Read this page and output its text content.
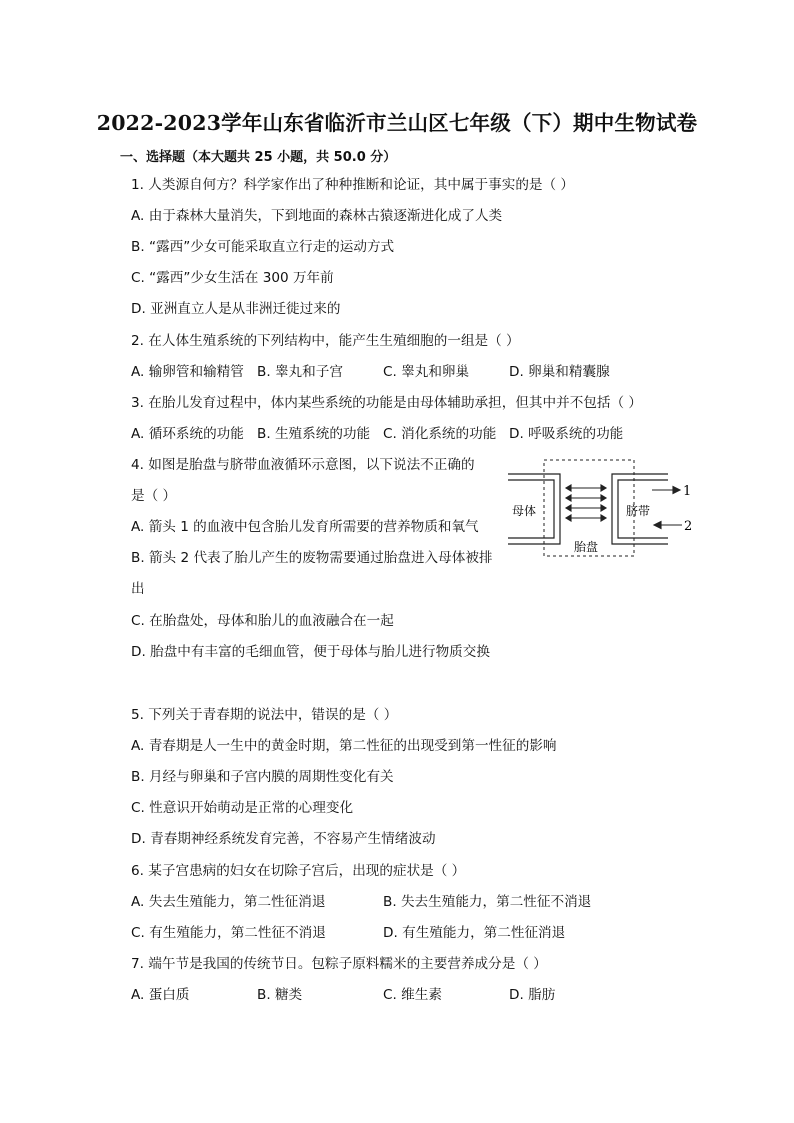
2022-2023学年山东省临沂市兰山区七年级（下）期中生物试卷
一、选择题（本大题共 25 小题，共 50.0 分）
1. 人类源自何方？科学家作出了种种推断和论证，其中属于事实的是（ ）
A. 由于森林大量消失，下到地面的森林古猿逐渐进化成了人类
B. “露西”少女可能采取直立行走的运动方式
C. “露西”少女生活在 300 万年前
D. 亚洲直立人是从非洲迁徙过来的
2. 在人体生殖系统的下列结构中，能产生生殖细胞的一组是（ ）
A. 输卵管和输精管 B. 睾丸和子宫	C. 睾丸和卵巢	D. 卵巢和精囊腺
3. 在胎儿发育过程中，体内某些系统的功能是由母体辅助承担，但其中并不包括（ ）
A. 循环系统的功能 B. 生殖系统的功能 C. 消化系统的功能 D. 呼吸系统的功能
4. 如图是胎盘与脐带血液循环示意图，以下说法不正确的
是（ ）
A. 箭头 1 的血液中包含胎儿发育所需要的营养物质和氧气
B. 箭头 2 代表了胎儿产生的废物需要通过胎盘进入母体被排
出
C. 在胎盘处，母体和胎儿的血液融合在一起
D. 胎盘中有丰富的毛细血管，便于母体与胎儿进行物质交换
母体	脐带
1
2
胎盘
5. 下列关于青春期的说法中，错误的是（ ）
A. 青春期是人一生中的黄金时期，第二性征的出现受到第一性征的影响
B. 月经与卵巢和子宫内膜的周期性变化有关
C. 性意识开始萌动是正常的心理变化
D. 青春期神经系统发育完善，不容易产生情绪波动
6. 某子宫患病的妇女在切除子宫后，出现的症状是（ ）
A. 失去生殖能力，第二性征消退	B. 失去生殖能力，第二性征不消退
C. 有生殖能力，第二性征不消退	D. 有生殖能力，第二性征消退
7. 端午节是我国的传统节日。包粽子原料糯米的主要营养成分是（ ）
A. 蛋白质	B. 糖类	C. 维生素	D. 脂肪
